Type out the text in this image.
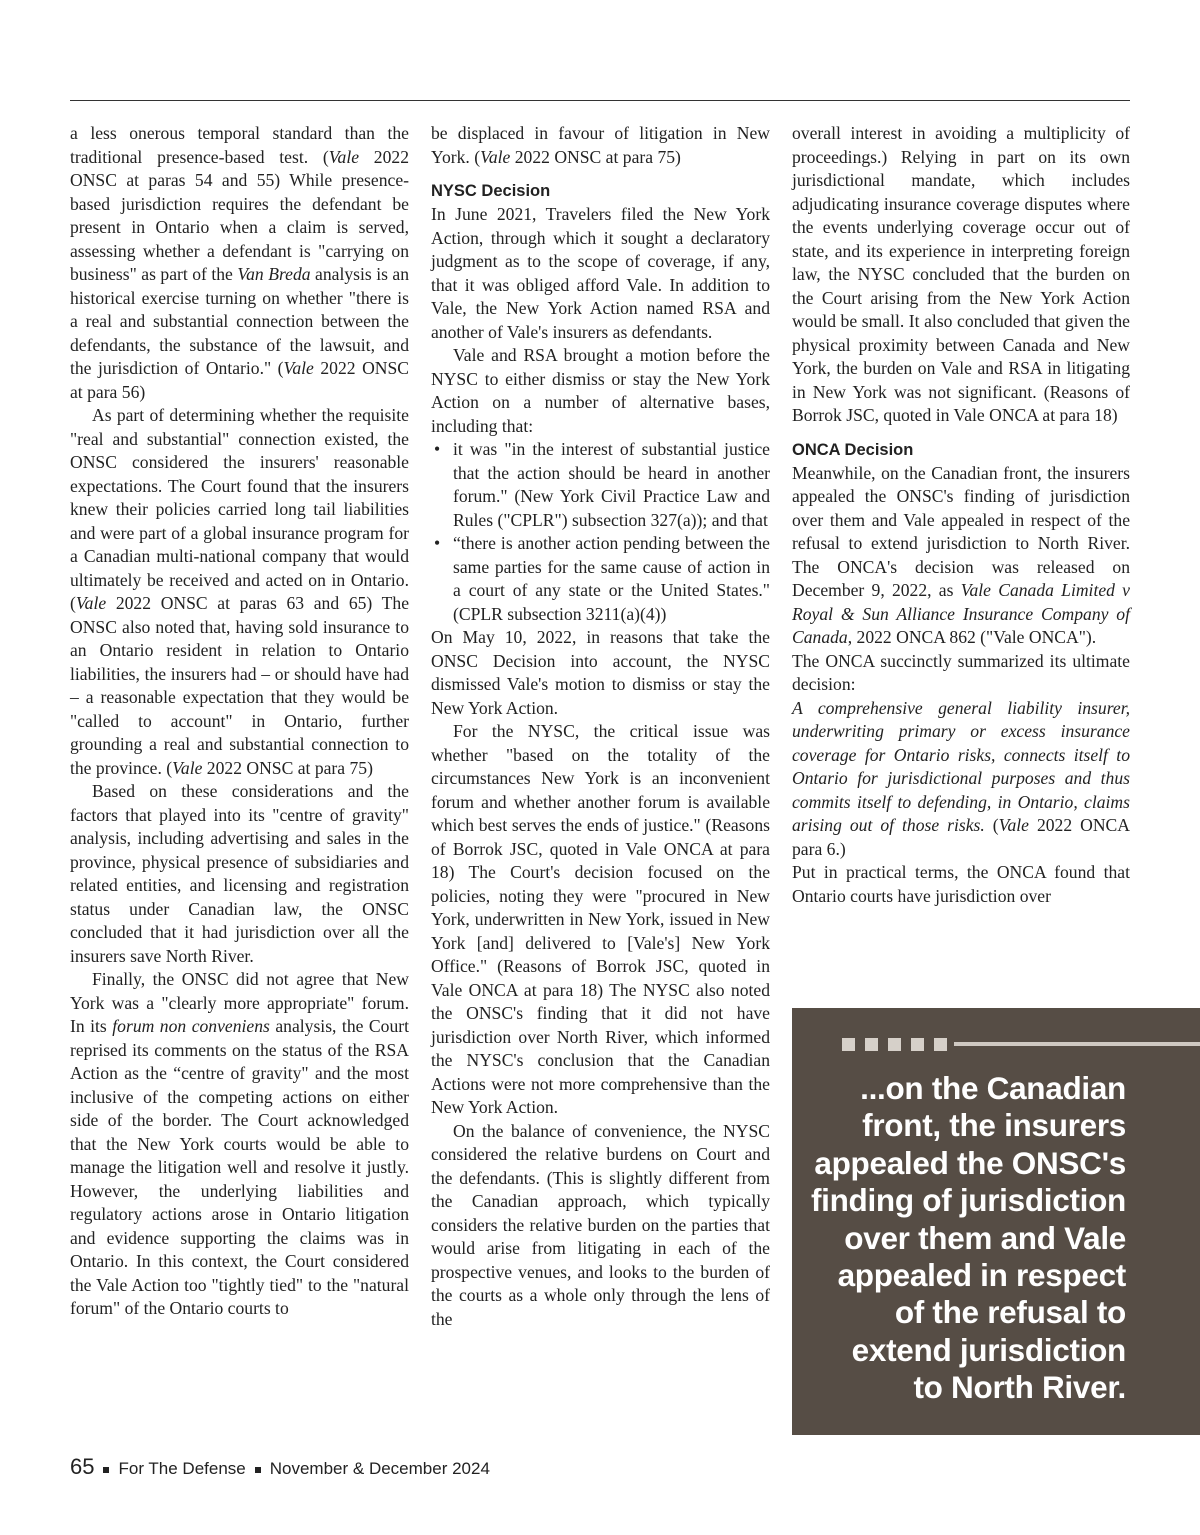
a less onerous temporal standard than the traditional presence-based test. (Vale 2022 ONSC at paras 54 and 55) While presence-based jurisdiction requires the defendant be present in Ontario when a claim is served, assessing whether a defendant is "carrying on business" as part of the Van Breda analysis is an historical exercise turning on whether "there is a real and substantial connection between the defendants, the substance of the lawsuit, and the jurisdiction of Ontario." (Vale 2022 ONSC at para 56)

As part of determining whether the requisite "real and substantial" connection existed, the ONSC considered the insurers' reasonable expectations. The Court found that the insurers knew their policies carried long tail liabilities and were part of a global insurance program for a Canadian multi-national company that would ultimately be received and acted on in Ontario. (Vale 2022 ONSC at paras 63 and 65) The ONSC also noted that, having sold insurance to an Ontario resident in relation to Ontario liabilities, the insurers had – or should have had – a reasonable expectation that they would be "called to account" in Ontario, further grounding a real and substantial connection to the province. (Vale 2022 ONSC at para 75)

Based on these considerations and the factors that played into its "centre of gravity" analysis, including advertising and sales in the province, physical presence of subsidiaries and related entities, and licensing and registration status under Canadian law, the ONSC concluded that it had jurisdiction over all the insurers save North River.

Finally, the ONSC did not agree that New York was a "clearly more appropriate" forum. In its forum non conveniens analysis, the Court reprised its comments on the status of the RSA Action as the “centre of gravity" and the most inclusive of the competing actions on either side of the border. The Court acknowledged that the New York courts would be able to manage the litigation well and resolve it justly. However, the underlying liabilities and regulatory actions arose in Ontario litigation and evidence supporting the claims was in Ontario. In this context, the Court considered the Vale Action too "tightly tied" to the "natural forum" of the Ontario courts to

be displaced in favour of litigation in New York. (Vale 2022 ONSC at para 75)

NYSC Decision

In June 2021, Travelers filed the New York Action, through which it sought a declaratory judgment as to the scope of coverage, if any, that it was obliged afford Vale. In addition to Vale, the New York Action named RSA and another of Vale's insurers as defendants.

Vale and RSA brought a motion before the NYSC to either dismiss or stay the New York Action on a number of alternative bases, including that:

• it was "in the interest of substantial justice that the action should be heard in another forum." (New York Civil Practice Law and Rules ("CPLR") subsection 327(a)); and that
• “there is another action pending between the same parties for the same cause of action in a court of any state or the United States." (CPLR subsection 3211(a)(4))

On May 10, 2022, in reasons that take the ONSC Decision into account, the NYSC dismissed Vale's motion to dismiss or stay the New York Action.

For the NYSC, the critical issue was whether "based on the totality of the circumstances New York is an inconvenient forum and whether another forum is available which best serves the ends of justice." (Reasons of Borrok JSC, quoted in Vale ONCA at para 18) The Court's decision focused on the policies, noting they were "procured in New York, underwritten in New York, issued in New York [and] delivered to [Vale's] New York Office." (Reasons of Borrok JSC, quoted in Vale ONCA at para 18) The NYSC also noted the ONSC's finding that it did not have jurisdiction over North River, which informed the NYSC's conclusion that the Canadian Actions were not more comprehensive than the New York Action.

On the balance of convenience, the NYSC considered the relative burdens on Court and the defendants. (This is slightly different from the Canadian approach, which typically considers the relative burden on the parties that would arise from litigating in each of the prospective venues, and looks to the burden of the courts as a whole only through the lens of the

overall interest in avoiding a multiplicity of proceedings.) Relying in part on its own jurisdictional mandate, which includes adjudicating insurance coverage disputes where the events underlying coverage occur out of state, and its experience in interpreting foreign law, the NYSC concluded that the burden on the Court arising from the New York Action would be small. It also concluded that given the physical proximity between Canada and New York, the burden on Vale and RSA in litigating in New York was not significant. (Reasons of Borrok JSC, quoted in Vale ONCA at para 18)

ONCA Decision

Meanwhile, on the Canadian front, the insurers appealed the ONSC's finding of jurisdiction over them and Vale appealed in respect of the refusal to extend jurisdiction to North River. The ONCA's decision was released on December 9, 2022, as Vale Canada Limited v Royal & Sun Alliance Insurance Company of Canada, 2022 ONCA 862 ("Vale ONCA").

The ONCA succinctly summarized its ultimate decision:

A comprehensive general liability insurer, underwriting primary or excess insurance coverage for Ontario risks, connects itself to Ontario for jurisdictional purposes and thus commits itself to defending, in Ontario, claims arising out of those risks. (Vale 2022 ONCA para 6.)

Put in practical terms, the ONCA found that Ontario courts have jurisdiction over

...on the Canadian
front, the insurers
appealed the ONSC's
finding of jurisdiction
over them and Vale
appealed in respect
of the refusal to
extend jurisdiction
to North River.
65 For The Defense November & December 2024
